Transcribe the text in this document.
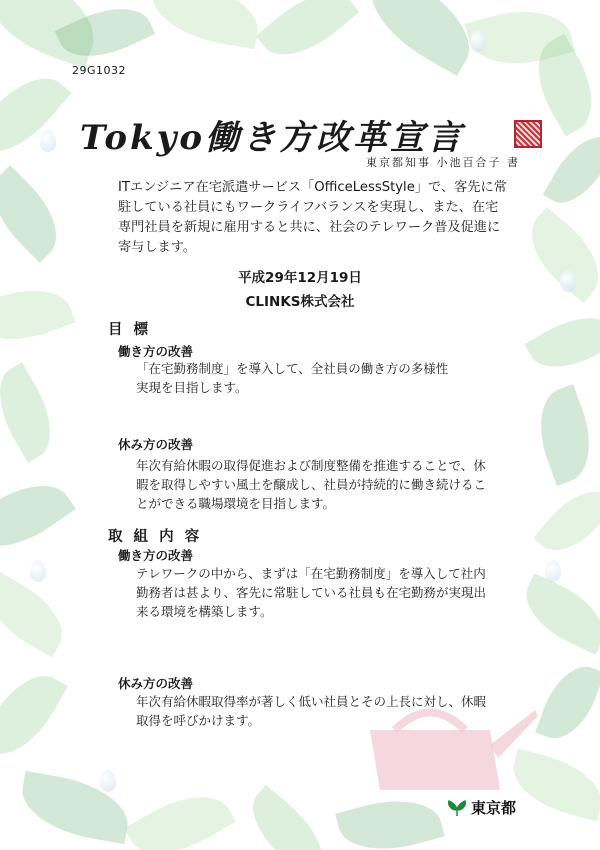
29G1032
Tokyo働き方改革宣言
東京都知事 小池百合子 書

ITエンジニア在宅派遣サービス「OfficeLessStyle」で、客先に常駐している社員にもワークライフバランスを実現し、また、在宅専門社員を新規に雇用すると共に、社会のテレワーク普及促進に寄与します。

平成29年12月19日
CLINKS株式会社
目 標
働き方の改善

「在宅勤務制度」を導入して、全社員の働き方の多様性実現を目指します。

休み方の改善

年次有給休暇の取得促進および制度整備を推進することで、休暇を取得しやすい風土を醸成し、社員が持続的に働き続けることができる職場環境を目指します。

取 組 内 容
働き方の改善

テレワークの中から、まずは「在宅勤務制度」を導入して社内勤務者は甚より、客先に常駐している社員も在宅勤務が実現出来る環境を構築します。

休み方の改善

年次有給休暇取得率が著しく低い社員とその上長に対し、休暇取得を呼びかけます。

東京都
